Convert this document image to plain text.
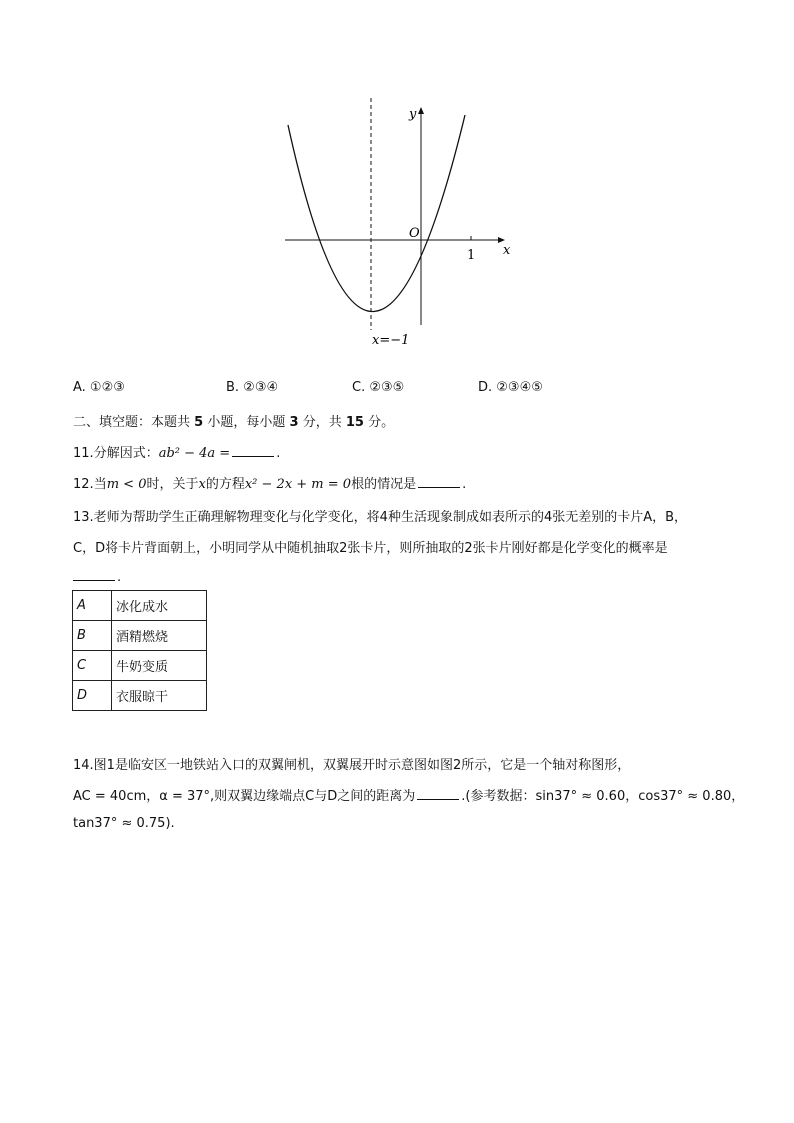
y
x
O
1
x=−1
A. ①②③	B. ②③④	C. ②③⑤	D. ②③④⑤
二、填空题：本题共 5 小题，每小题 3 分，共 15 分。
11.分解因式：ab² − 4a =	.
12.当m < 0时，关于x的方程x² − 2x + m = 0根的情况是	.
13.老师为帮助学生正确理解物理变化与化学变化，将4种生活现象制成如表所示的4张无差别的卡片A，B，
C，D将卡片背面朝上，小明同学从中随机抽取2张卡片，则所抽取的2张卡片刚好都是化学变化的概率是
.
A	冰化成水
B	酒精燃烧
C	牛奶变质
D	衣服晾干
14.图1是临安区一地铁站入口的双翼闸机，双翼展开时示意图如图2所示，它是一个轴对称图形，
AC = 40cm，α = 37°,则双翼边缘端点C与D之间的距离为	.(参考数据：sin37° ≈ 0.60，cos37° ≈ 0.80，
tan37° ≈ 0.75).
